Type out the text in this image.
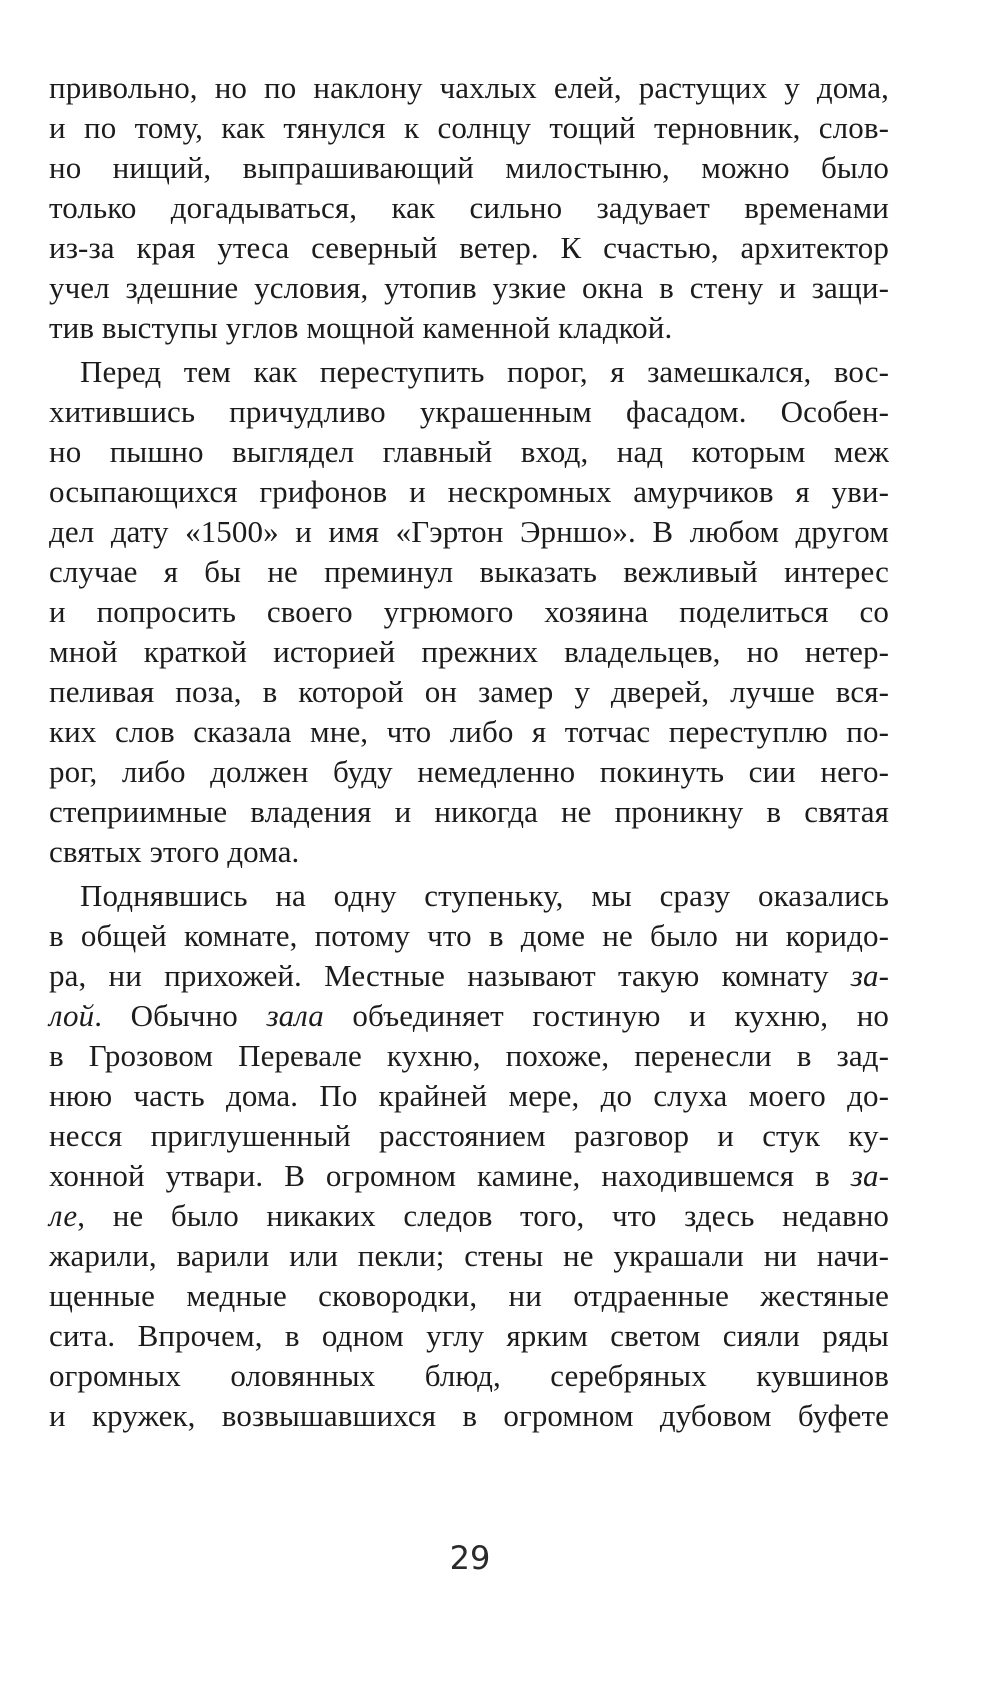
привольно, но по наклону чахлых елей, растущих у дома,
и по тому, как тянулся к солнцу тощий терновник, слов-
но нищий, выпрашивающий милостыню, можно было
только догадываться, как сильно задувает временами
из-за края утеса северный ветер. К счастью, архитектор
учел здешние условия, утопив узкие окна в стену и защи-
тив выступы углов мощной каменной кладкой.
Перед тем как переступить порог, я замешкался, вос-
хитившись причудливо украшенным фасадом. Особен-
но пышно выглядел главный вход, над которым меж
осыпающихся грифонов и нескромных амурчиков я уви-
дел дату «1500» и имя «Гэртон Эрншо». В любом другом
случае я бы не преминул выказать вежливый интерес
и попросить своего угрюмого хозяина поделиться со
мной краткой историей прежних владельцев, но нетер-
пеливая поза, в которой он замер у дверей, лучше вся-
ких слов сказала мне, что либо я тотчас переступлю по-
рог, либо должен буду немедленно покинуть сии него-
степриимные владения и никогда не проникну в святая
святых этого дома.
Поднявшись на одну ступеньку, мы сразу оказались
в общей комнате, потому что в доме не было ни коридо-
ра, ни прихожей. Местные называют такую комнату за-
лой. Обычно зала объединяет гостиную и кухню, но
в Грозовом Перевале кухню, похоже, перенесли в зад-
нюю часть дома. По крайней мере, до слуха моего до-
несся приглушенный расстоянием разговор и стук ку-
хонной утвари. В огромном камине, находившемся в за-
ле, не было никаких следов того, что здесь недавно
жарили, варили или пекли; стены не украшали ни начи-
щенные медные сковородки, ни отдраенные жестяные
сита. Впрочем, в одном углу ярким светом сияли ряды
огромных оловянных блюд, серебряных кувшинов
и кружек, возвышавшихся в огромном дубовом буфете
29
